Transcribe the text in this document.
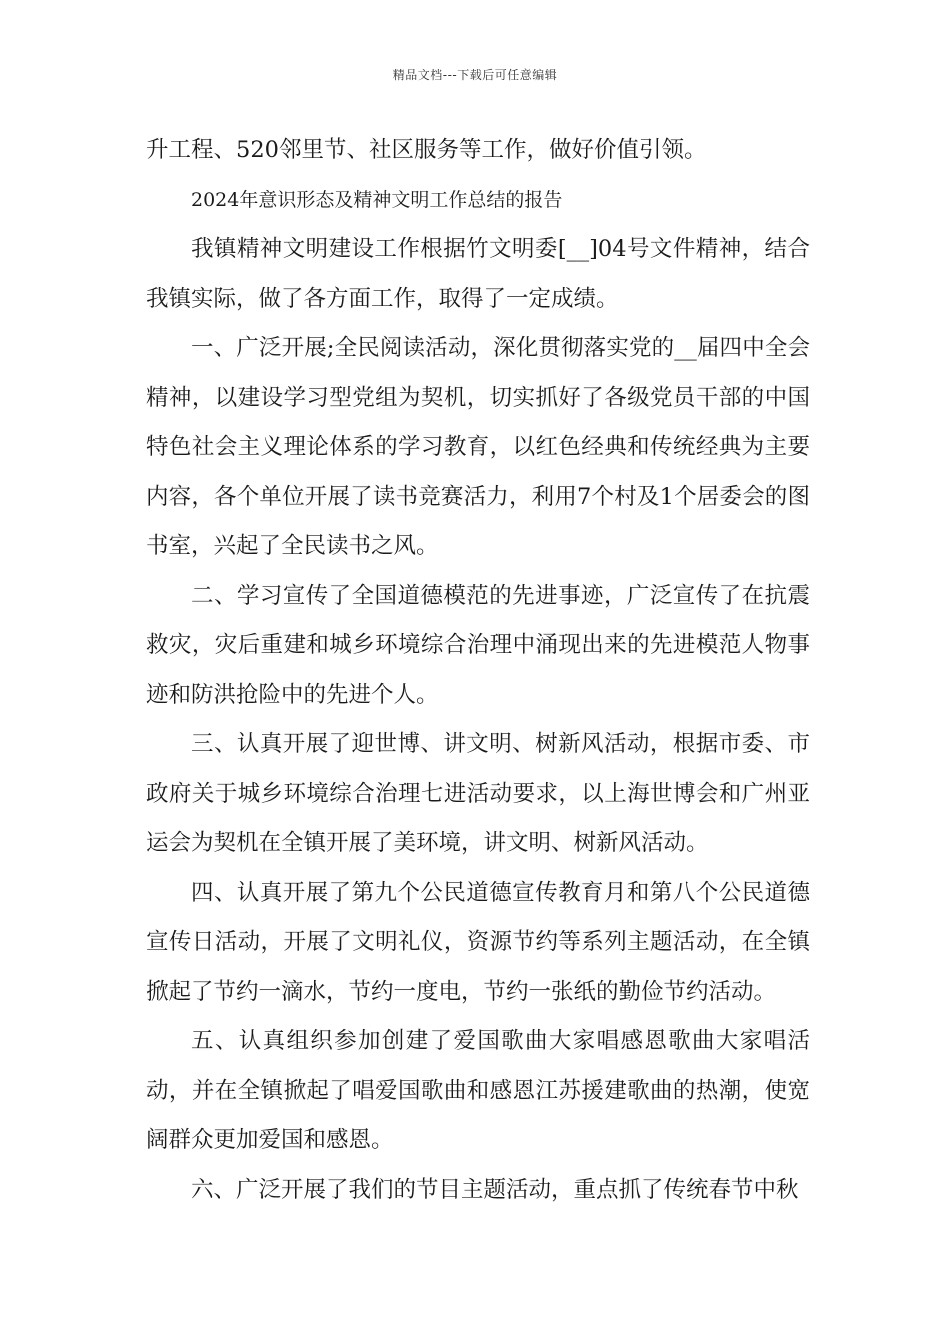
精品文档---下载后可任意编辑

升工程、520邻里节、社区服务等工作，做好价值引领。

2024年意识形态及精神文明工作总结的报告

我镇精神文明建设工作根据竹文明委[__]04号文件精神，结合我镇实际，做了各方面工作，取得了一定成绩。

一、广泛开展;全民阅读活动，深化贯彻落实党的__届四中全会精神，以建设学习型党组为契机，切实抓好了各级党员干部的中国特色社会主义理论体系的学习教育，以红色经典和传统经典为主要内容，各个单位开展了读书竞赛活力，利用7个村及1个居委会的图书室，兴起了全民读书之风。

二、学习宣传了全国道德模范的先进事迹，广泛宣传了在抗震救灾，灾后重建和城乡环境综合治理中涌现出来的先进模范人物事迹和防洪抢险中的先进个人。

三、认真开展了迎世博、讲文明、树新风活动，根据市委、市政府关于城乡环境综合治理七进活动要求，以上海世博会和广州亚运会为契机在全镇开展了美环境，讲文明、树新风活动。

四、认真开展了第九个公民道德宣传教育月和第八个公民道德宣传日活动，开展了文明礼仪，资源节约等系列主题活动，在全镇掀起了节约一滴水，节约一度电，节约一张纸的勤俭节约活动。

五、认真组织参加创建了爱国歌曲大家唱感恩歌曲大家唱活动，并在全镇掀起了唱爱国歌曲和感恩江苏援建歌曲的热潮，使宽阔群众更加爱国和感恩。

六、广泛开展了我们的节目主题活动，重点抓了传统春节中秋
